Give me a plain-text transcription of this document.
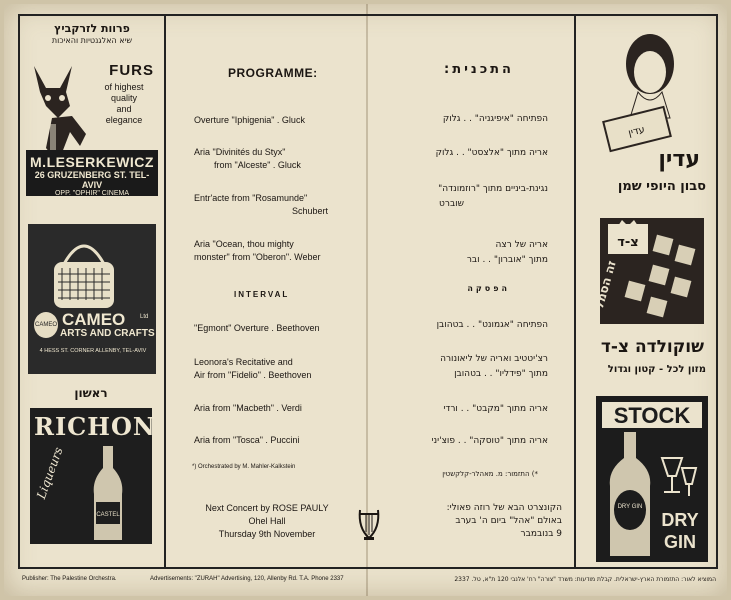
פרוות לזרקביץ
שיא האלגנטיות והאיכות
FURS
of highest
quality
and
elegance
M.LESERKEWICZ
26 GRUZENBERG ST. TEL-AVIV
OPP. "OPHIR" CINEMA
CAMEO CAMEO Ltd
ARTS AND CRAFTS
4 HESS ST. CORNER ALLENBY, TEL-AVIV
ראשון
RICHON
Liqueurs
CASTEL
PROGRAMME:
Overture "Iphigenia" . Gluck
Aria "Divinités du Styx"
from "Alceste" . Gluck
Entr'acte from "Rosamunde"
Schubert
Aria "Ocean, thou mighty
monster" from "Oberon". Weber
INTERVAL
"Egmont" Overture . Beethoven
Leonora's Recitative and
Air from "Fidelio" . Beethoven
Aria from "Macbeth" . Verdi
Aria from "Tosca" . Puccini
*) Orchestrated by M. Mahler-Kalkstein
Next Concert by ROSE PAULY
Ohel Hall
Thursday 9th November
התכנית:
הפתיחה "איפיגניה" . . גלוק
אריה מתוך "אלצסט" . . גלוק
נגינת-ביניים מתוך "רוזמונדה"
שוברט
אריה של רצה
מתוך "אוברון" . . ובר
הפסקה
הפתיחה "אגמונט" . . בטהובן
רצ'יטטיב ואריה של ליאונורה
מתוך "פידליו" . . בטהובן
אריה מתוך "מקבט" . . ורדי
אריה מתוך "טוסקה" . . פוצ'יני
*) התזמור: מ. מאהלר-קלקשטין
הקונצרט הבא של רוזה פאולי:
באולם "אהל" ביום ה' בערב
9 בנובמבר
עדין
עדין
סבון היופי שמן
צ-ד
זה הסמל
שוקולדה צ-ד
מזון לכל - קטון וגדול
STOCK
DRY GIN
DRY
GIN
Publisher: The Palestine Orchestra.	Advertisements: "ZURAH" Advertising, 120, Allenby Rd. T.A. Phone 2337	המוציא לאור: התזמורת הארץ-ישראלית. קבלת מודעות: משרד "צורה" רח' אלנבי 120 ת"א, טל. 2337
